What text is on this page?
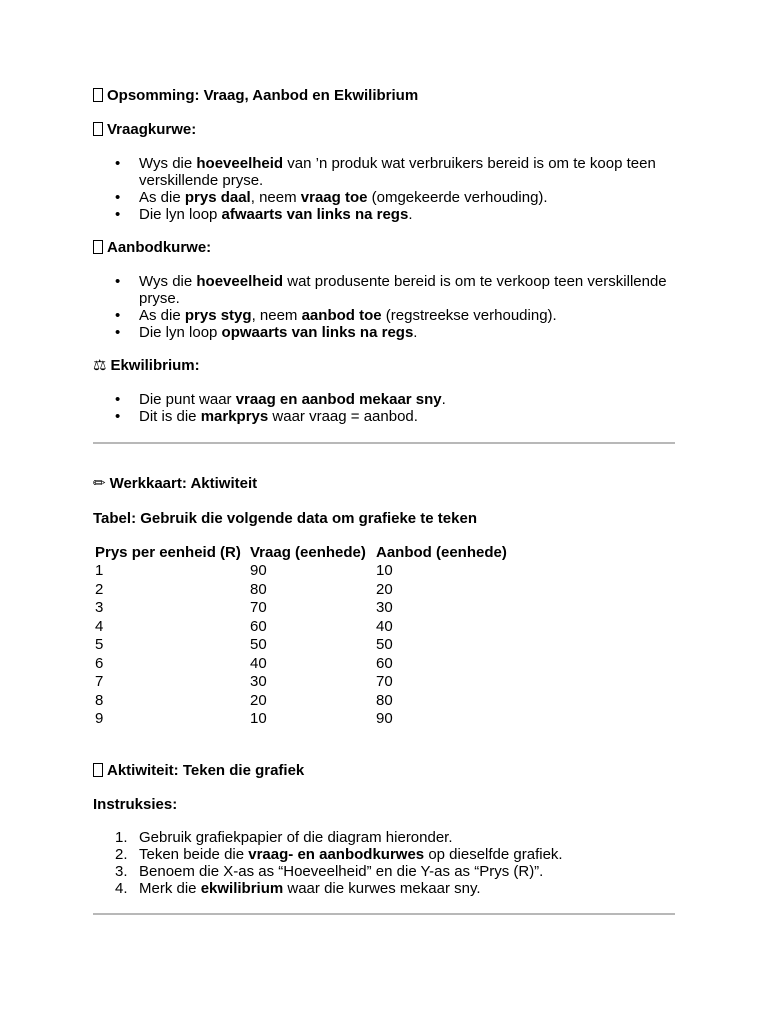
Opsomming: Vraag, Aanbod en Ekwilibrium
Vraagkurwe:
• Wys die hoeveelheid van ’n produk wat verbruikers bereid is om te koop teen verskillende pryse.
• As die prys daal, neem vraag toe (omgekeerde verhouding).
• Die lyn loop afwaarts van links na regs.
Aanbodkurwe:
• Wys die hoeveelheid wat produsente bereid is om te verkoop teen verskillende pryse.
• As die prys styg, neem aanbod toe (regstreekse verhouding).
• Die lyn loop opwaarts van links na regs.
⚖ Ekwilibrium:
• Die punt waar vraag en aanbod mekaar sny.
• Dit is die markprys waar vraag = aanbod.
✏ Werkkaart: Aktiwiteit
Tabel: Gebruik die volgende data om grafieke te teken
Prys per eenheid (R)	Vraag (eenhede)	Aanbod (eenhede)
1	90	10
2	80	20
3	70	30
4	60	40
5	50	50
6	40	60
7	30	70
8	20	80
9	10	90
Aktiwiteit: Teken die grafiek
Instruksies:
1. Gebruik grafiekpapier of die diagram hieronder.
2. Teken beide die vraag- en aanbodkurwes op dieselfde grafiek.
3. Benoem die X-as as “Hoeveelheid” en die Y-as as “Prys (R)”.
4. Merk die ekwilibrium waar die kurwes mekaar sny.
